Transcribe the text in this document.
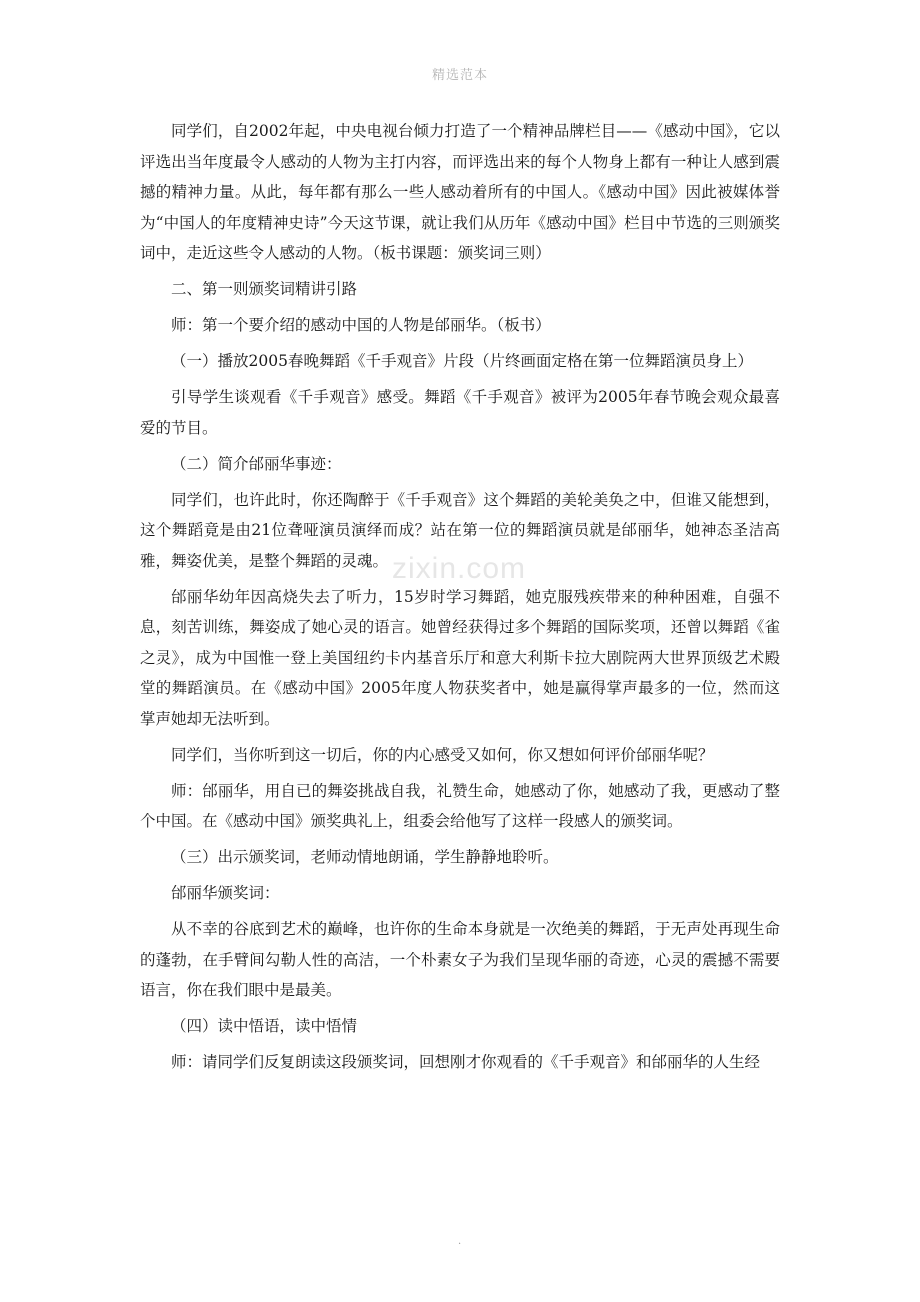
精选范本
zixin.com

同学们，自2002年起，中央电视台倾力打造了一个精神品牌栏目——《感动中国》，它以评选出当年度最令人感动的人物为主打内容，而评选出来的每个人物身上都有一种让人感到震撼的精神力量。从此，每年都有那么一些人感动着所有的中国人。《感动中国》因此被媒体誉为“中国人的年度精神史诗”今天这节课，就让我们从历年《感动中国》栏目中节选的三则颁奖词中，走近这些令人感动的人物。（板书课题：颁奖词三则）

二、第一则颁奖词精讲引路

师：第一个要介绍的感动中国的人物是邰丽华。（板书）

（一）播放2005春晚舞蹈《千手观音》片段（片终画面定格在第一位舞蹈演员身上）

引导学生谈观看《千手观音》感受。舞蹈《千手观音》被评为2005年春节晚会观众最喜爱的节目。

（二）简介邰丽华事迹：

同学们，也许此时，你还陶醉于《千手观音》这个舞蹈的美轮美奂之中，但谁又能想到，这个舞蹈竟是由21位聋哑演员演绎而成？站在第一位的舞蹈演员就是邰丽华，她神态圣洁高雅，舞姿优美，是整个舞蹈的灵魂。

邰丽华幼年因高烧失去了听力，15岁时学习舞蹈，她克服残疾带来的种种困难，自强不息，刻苦训练，舞姿成了她心灵的语言。她曾经获得过多个舞蹈的国际奖项，还曾以舞蹈《雀之灵》，成为中国惟一登上美国纽约卡内基音乐厅和意大利斯卡拉大剧院两大世界顶级艺术殿堂的舞蹈演员。在《感动中国》2005年度人物获奖者中，她是赢得掌声最多的一位，然而这掌声她却无法听到。

同学们，当你听到这一切后，你的内心感受又如何，你又想如何评价邰丽华呢？

师：邰丽华，用自已的舞姿挑战自我，礼赞生命，她感动了你，她感动了我，更感动了整个中国。在《感动中国》颁奖典礼上，组委会给他写了这样一段感人的颁奖词。

（三）出示颁奖词，老师动情地朗诵，学生静静地聆听。

邰丽华颁奖词：

从不幸的谷底到艺术的巅峰，也许你的生命本身就是一次绝美的舞蹈，于无声处再现生命的蓬勃，在手臂间勾勒人性的高洁，一个朴素女子为我们呈现华丽的奇迹，心灵的震撼不需要语言，你在我们眼中是最美。

（四）读中悟语，读中悟情

师：请同学们反复朗读这段颁奖词，回想刚才你观看的《千手观音》和邰丽华的人生经

.
